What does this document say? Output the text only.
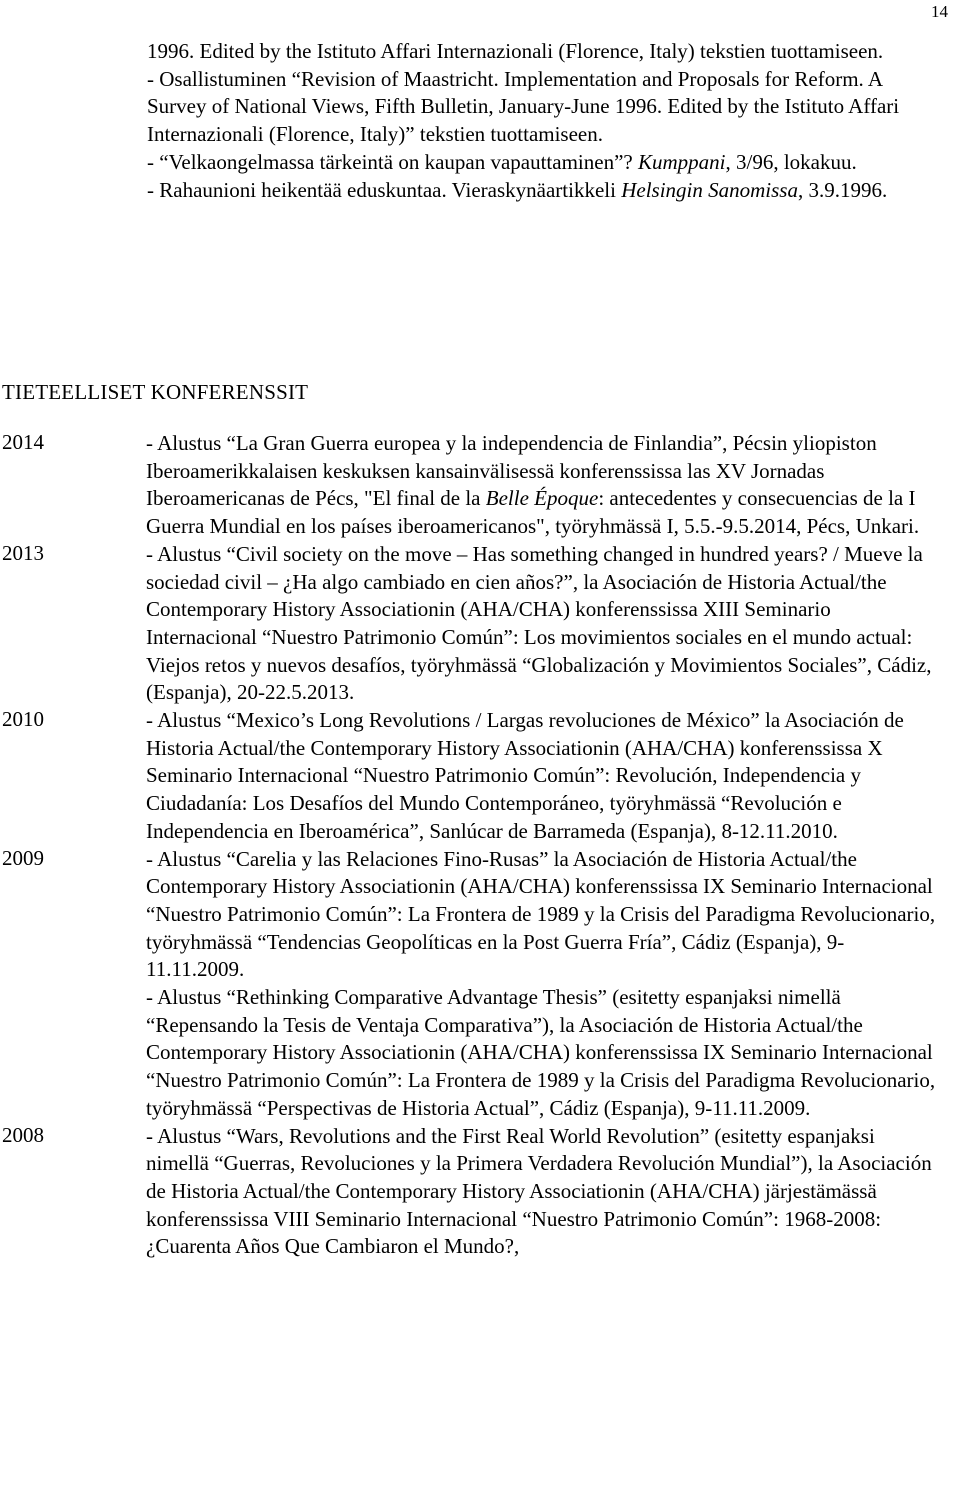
14

1996. Edited by the Istituto Affari Internazionali (Florence, Italy) tekstien tuottamiseen.

- Osallistuminen “Revision of Maastricht. Implementation and Proposals for Reform. A Survey of National Views, Fifth Bulletin, January-June 1996. Edited by the Istituto Affari Internazionali (Florence, Italy)” tekstien tuottamiseen.

- “Velkaongelmassa tärkeintä on kaupan vapauttaminen”? Kumppani, 3/96, lokakuu.

- Rahaunioni heikentää eduskuntaa. Vieraskynäartikkeli Helsingin Sanomissa, 3.9.1996.

TIETEELLISET KONFERENSSIT
2014	- Alustus “La Gran Guerra europea y la independencia de Finlandia”, Pécsin yliopiston Iberoamerikkalaisen keskuksen kansainvälisessä konferenssissa las XV Jornadas Iberoamericanas de Pécs, "El final de la Belle Époque: antecedentes y consecuencias de la I Guerra Mundial en los países iberoamericanos", työryhmässä I, 5.5.-9.5.2014, Pécs, Unkari.

2013	- Alustus “Civil society on the move – Has something changed in hundred years? / Mueve la sociedad civil – ¿Ha algo cambiado en cien años?”, la Asociación de Historia Actual/the Contemporary History Associationin (AHA/CHA) konferenssissa XIII Seminario Internacional “Nuestro Patrimonio Común”: Los movimientos sociales en el mundo actual: Viejos retos y nuevos desafíos, työryhmässä “Globalización y Movimientos Sociales”, Cádiz, (Espanja), 20-22.5.2013.

2010	- Alustus “Mexico’s Long Revolutions / Largas revoluciones de México” la Asociación de Historia Actual/the Contemporary History Associationin (AHA/CHA) konferenssissa X Seminario Internacional “Nuestro Patrimonio Común”: Revolución, Independencia y Ciudadanía: Los Desafíos del Mundo Contemporáneo, työryhmässä “Revolución e Independencia en Iberoamérica”, Sanlúcar de Barrameda (Espanja), 8-12.11.2010.

2009	- Alustus “Carelia y las Relaciones Fino-Rusas” la Asociación de Historia Actual/the Contemporary History Associationin (AHA/CHA) konferenssissa IX Seminario Internacional “Nuestro Patrimonio Común”: La Frontera de 1989 y la Crisis del Paradigma Revolucionario, työryhmässä “Tendencias Geopolíticas en la Post Guerra Fría”, Cádiz (Espanja), 9-11.11.2009.

- Alustus “Rethinking Comparative Advantage Thesis” (esitetty espanjaksi nimellä “Repensando la Tesis de Ventaja Comparativa”), la Asociación de Historia Actual/the Contemporary History Associationin (AHA/CHA) konferenssissa IX Seminario Internacional “Nuestro Patrimonio Común”: La Frontera de 1989 y la Crisis del Paradigma Revolucionario, työryhmässä “Perspectivas de Historia Actual”, Cádiz (Espanja), 9-11.11.2009.

2008	- Alustus “Wars, Revolutions and the First Real World Revolution” (esitetty espanjaksi nimellä “Guerras, Revoluciones y la Primera Verdadera Revolución Mundial”), la Asociación de Historia Actual/the Contemporary History Associationin (AHA/CHA) järjestämässä konferenssissa VIII Seminario Internacional “Nuestro Patrimonio Común”: 1968-2008: ¿Cuarenta Años Que Cambiaron el Mundo?,
